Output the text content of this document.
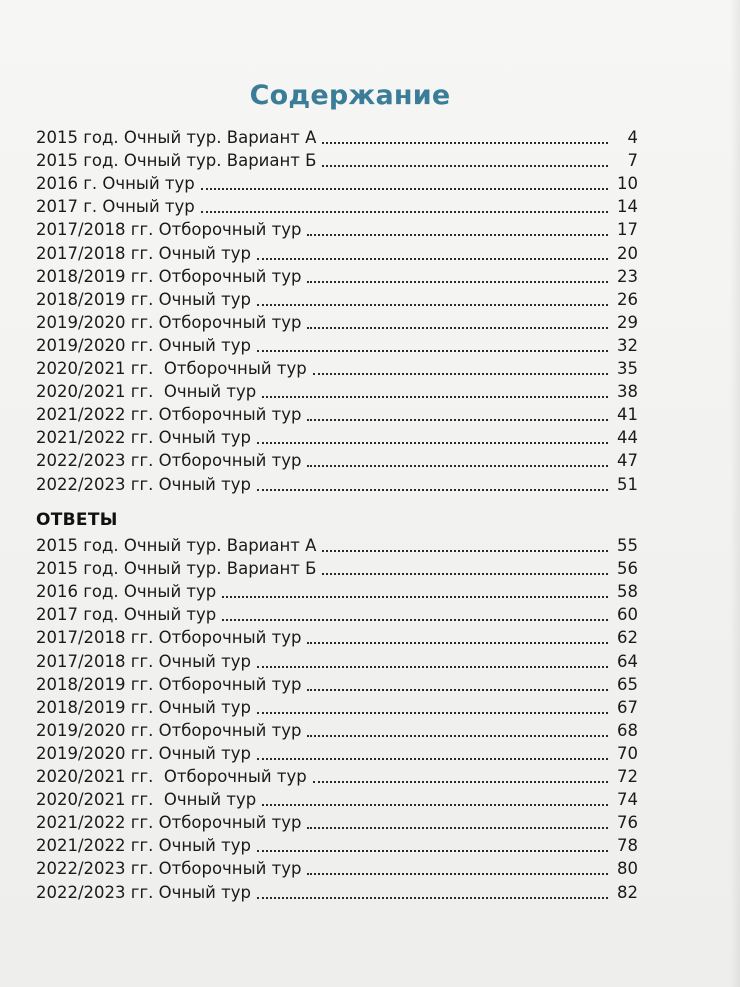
Содержание
2015 год. Очный тур. Вариант А	4
2015 год. Очный тур. Вариант Б	7
2016 г. Очный тур	10
2017 г. Очный тур	14
2017/2018 гг. Отборочный тур	17
2017/2018 гг. Очный тур	20
2018/2019 гг. Отборочный тур	23
2018/2019 гг. Очный тур	26
2019/2020 гг. Отборочный тур	29
2019/2020 гг. Очный тур	32
2020/2021 гг.  Отборочный тур	35
2020/2021 гг.  Очный тур	38
2021/2022 гг. Отборочный тур	41
2021/2022 гг. Очный тур	44
2022/2023 гг. Отборочный тур	47
2022/2023 гг. Очный тур	51
ОТВЕТЫ
2015 год. Очный тур. Вариант А	55
2015 год. Очный тур. Вариант Б	56
2016 год. Очный тур	58
2017 год. Очный тур	60
2017/2018 гг. Отборочный тур	62
2017/2018 гг. Очный тур	64
2018/2019 гг. Отборочный тур	65
2018/2019 гг. Очный тур	67
2019/2020 гг. Отборочный тур	68
2019/2020 гг. Очный тур	70
2020/2021 гг.  Отборочный тур	72
2020/2021 гг.  Очный тур	74
2021/2022 гг. Отборочный тур	76
2021/2022 гг. Очный тур	78
2022/2023 гг. Отборочный тур	80
2022/2023 гг. Очный тур	82
